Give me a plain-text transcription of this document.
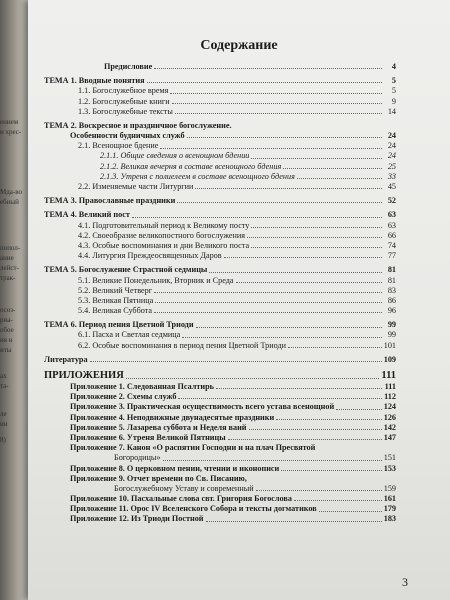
ением
и хрес-
Мда-во
ебный
попол-
ание
лейст-
трак-
осоз-
риа-
обое
ия и
иты
ах
та-
ле
ии
8)
Содержание
Предисловие	4
ТЕМА 1. Вводные понятия	5
1.1. Богослужебное время	5
1.2. Богослужебные книги	9
1.3. Богослужебные тексты	14
ТЕМА 2. Воскресное и праздничное богослужение.
Особенности будничных служб	24
2.1. Всенощное бдение	24
2.1.1. Общие сведения о всенощном бдении	24
2.1.2. Великая вечерня в составе всенощного бдения	25
2.1.3. Утреня с полиелеем в составе всенощного бдения	33
2.2. Изменяемые части Литургии	45
ТЕМА 3. Православные праздники	52
ТЕМА 4. Великий пост	63
4.1. Подготовительный период к Великому посту	63
4.2. Своеобразие великопостного богослужения	66
4.3. Особые воспоминания и дни Великого поста	74
4.4. Литургия Преждеосвященных Даров	77
ТЕМА 5. Богослужение Страстной седмицы	81
5.1. Великие Понедельник, Вторник и Среда	81
5.2. Великий Четверг	83
5.3. Великая Пятница	86
5.4. Великая Суббота	96
ТЕМА 6. Период пения Цветной Триоди	99
6.1. Пасха и Светлая седмица	99
6.2. Особые воспоминания в период пения Цветной Триоди	101
Литература	109
ПРИЛОЖЕНИЯ	111
Приложение 1. Следованная Псалтирь	111
Приложение 2. Схемы служб	112
Приложение 3. Практическая осуществимость всего устава всенощной	124
Приложение 4. Неподвижные двунадесятые праздники	126
Приложение 5. Лазарева суббота и Неделя ваий	142
Приложение 6. Утреня Великой Пятницы	147
Приложение 7. Канон «О распятии Господни и на плач Пресвятой
Богородицы»	151
Приложение 8. О церковном пении, чтении и иконописи	153
Приложение 9. Отчет времени по Св. Писанию,
Богослужебному Уставу и современный	159
Приложение 10. Пасхальные слова свт. Григория Богослова	161
Приложение 11. Орос IV Вселенского Собора и тексты догматиков	179
Приложение 12. Из Триоди Постной	183
3
